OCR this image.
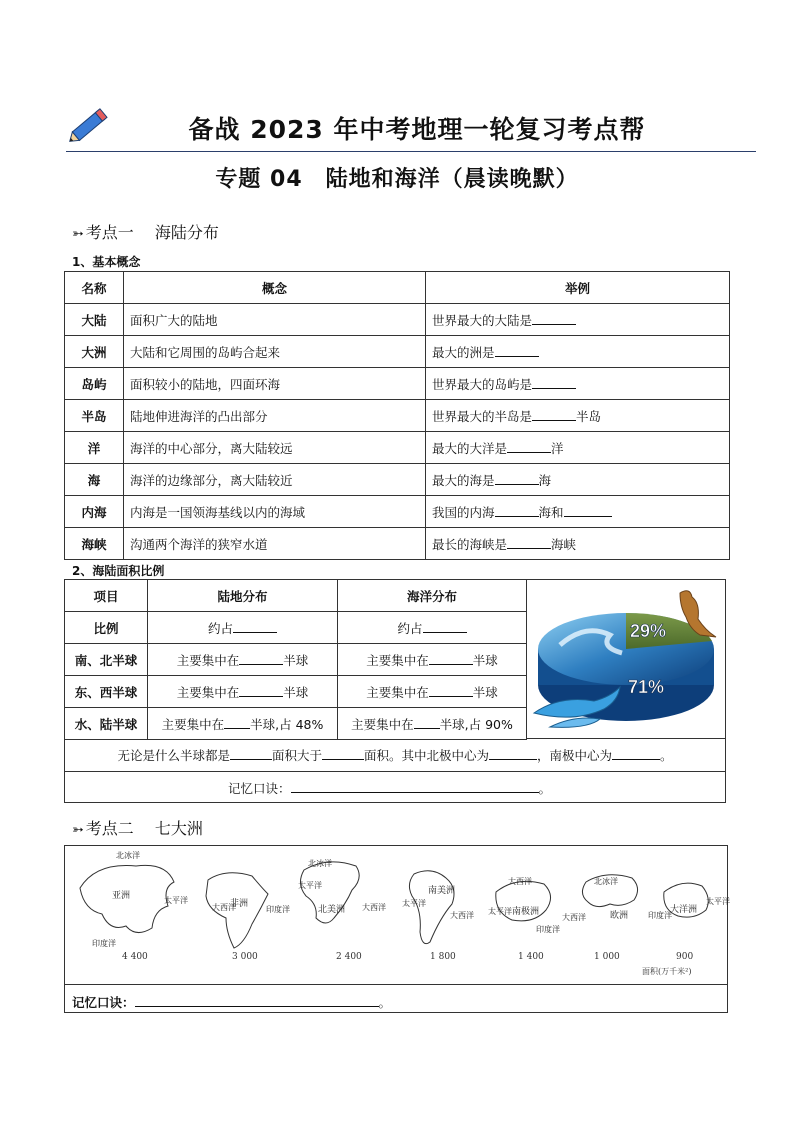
备战 2023 年中考地理一轮复习考点帮
专题 04　陆地和海洋（晨读晚默）
➳ 考点一　 海陆分布
1、基本概念
名称	概念	举例
大陆	面积广大的陆地	世界最大的大陆是
大洲	大陆和它周围的岛屿合起来	最大的洲是
岛屿	面积较小的陆地，四面环海	世界最大的岛屿是
半岛	陆地伸进海洋的凸出部分	世界最大的半岛是 半岛
洋	海洋的中心部分，离大陆较远	最大的大洋是 洋
海	海洋的边缘部分，离大陆较近	最大的海是 海
内海	内海是一国领海基线以内的海域	我国的内海 海和
海峡	沟通两个海洋的狭窄水道	最长的海峡是 海峡
2、海陆面积比例
项目	陆地分布	海洋分布
比例	约占	约占
南、北半球	主要集中在 半球	主要集中在 半球
东、西半球	主要集中在 半球	主要集中在 半球
水、陆半球	主要集中在 半球,占 48%	主要集中在 半球,占 90%
29%
71%
无论是什么半球都是	面积大于	面积。其中北极中心为	，南极中心为	。
记忆口诀：	。
➳ 考点二　 七大洲
亚洲
4 400
北冰洋
太平洋
印度洋
非洲
3 000
大西洋	印度洋	北美洲
2 400
北冰洋
太平洋
大西洋
南美洲
1 800
太平洋
大西洋	南极洲
1 400
大西洋
太平洋
印度洋
欧洲
1 000
北冰洋
大西洋
大洋洲
900
印度洋
太平洋
面积(万千米²)
记忆口诀：	。
